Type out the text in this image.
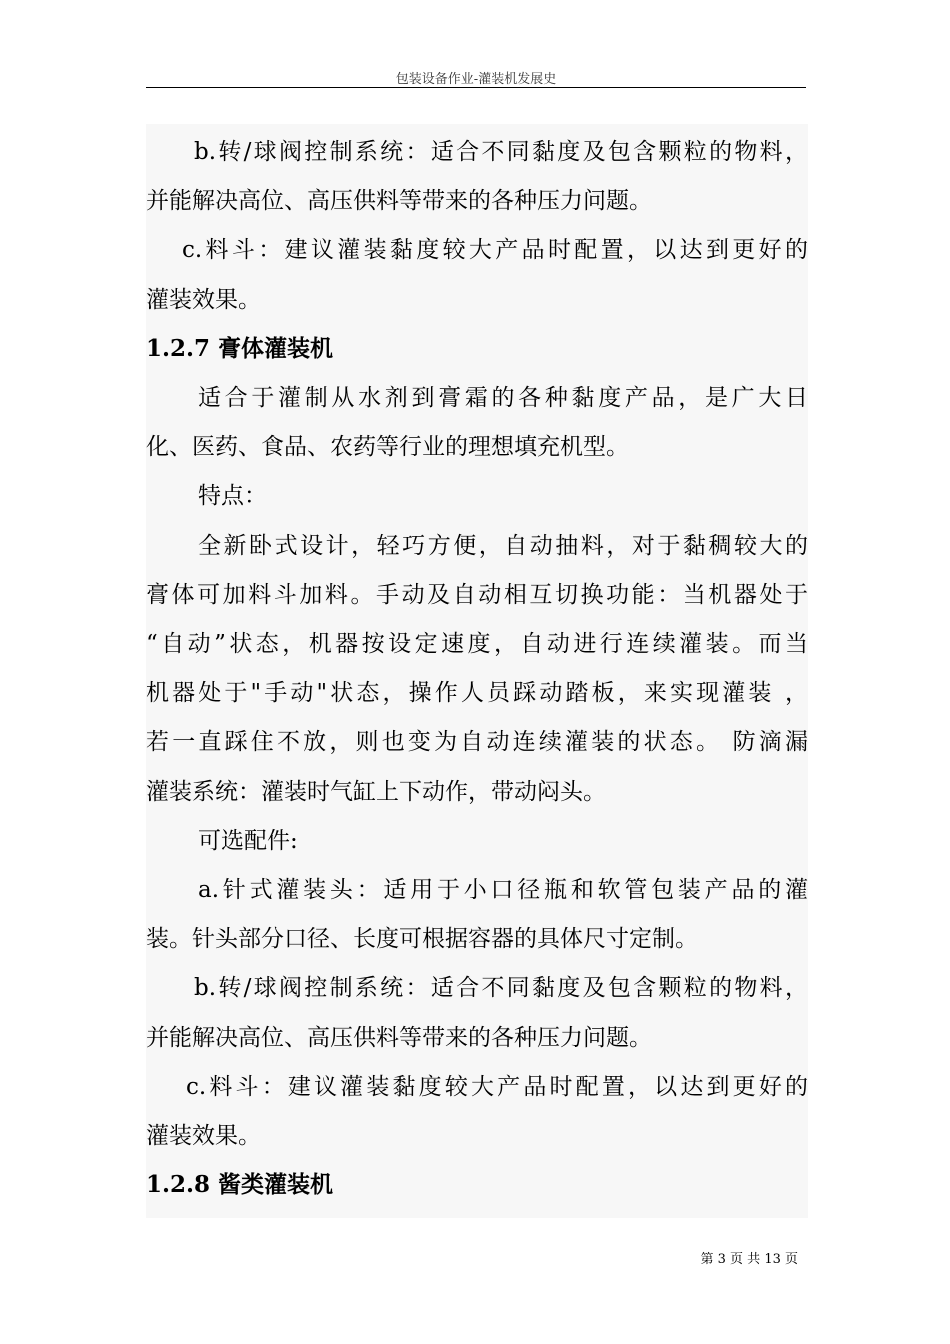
包装设备作业-灌装机发展史
b.转/球阀控制系统：适合不同黏度及包含颗粒的物料，
并能解决高位、高压供料等带来的各种压力问题。
c.料斗：建议灌装黏度较大产品时配置，以达到更好的
灌装效果。
1.2.7 膏体灌装机
适合于灌制从水剂到膏霜的各种黏度产品，是广大日
化、医药、食品、农药等行业的理想填充机型。
特点：
全新卧式设计，轻巧方便，自动抽料，对于黏稠较大的
膏体可加料斗加料。手动及自动相互切换功能：当机器处于
“自动”状态，机器按设定速度，自动进行连续灌装。而当
机器处于"手动"状态，操作人员踩动踏板，来实现灌装 ，
若一直踩住不放，则也变为自动连续灌装的状态。 防滴漏
灌装系统：灌装时气缸上下动作，带动闷头。
可选配件:
a.针式灌装头：适用于小口径瓶和软管包装产品的灌
装。针头部分口径、长度可根据容器的具体尺寸定制。
b.转/球阀控制系统：适合不同黏度及包含颗粒的物料，
并能解决高位、高压供料等带来的各种压力问题。
c.料斗：建议灌装黏度较大产品时配置，以达到更好的
灌装效果。
1.2.8 酱类灌装机
第 3 页 共 13 页
